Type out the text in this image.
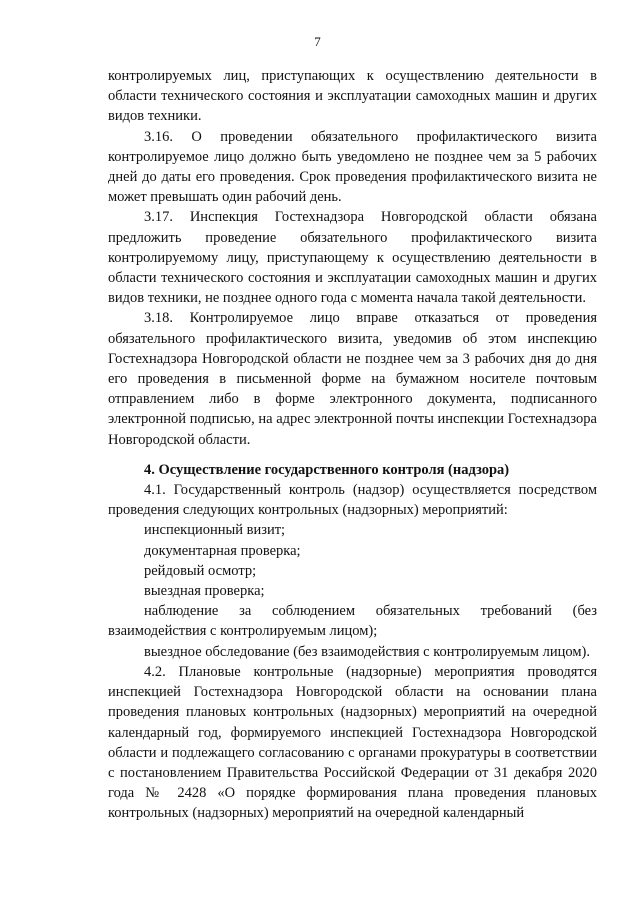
7

контролируемых лиц, приступающих к осуществлению деятельности в области технического состояния и эксплуатации самоходных машин и других видов техники.

3.16. О проведении обязательного профилактического визита контролируемое лицо должно быть уведомлено не позднее чем за 5 рабочих дней до даты его проведения. Срок проведения профилактического визита не может превышать один рабочий день.

3.17. Инспекция Гостехнадзора Новгородской области обязана предложить проведение обязательного профилактического визита контролируемому лицу, приступающему к осуществлению деятельности в области технического состояния и эксплуатации самоходных машин и других видов техники, не позднее одного года с момента начала такой деятельности.

3.18. Контролируемое лицо вправе отказаться от проведения обязательного профилактического визита, уведомив об этом инспекцию Гостехнадзора Новгородской области не позднее чем за 3 рабочих дня до дня его проведения в письменной форме на бумажном носителе почтовым отправлением либо в форме электронного документа, подписанного электронной подписью, на адрес электронной почты инспекции Гостехнадзора Новгородской области.

4. Осуществление государственного контроля (надзора)

4.1. Государственный контроль (надзор) осуществляется посредством проведения следующих контрольных (надзорных) мероприятий:

инспекционный визит;

документарная проверка;

рейдовый осмотр;

выездная проверка;

наблюдение за соблюдением обязательных требований (без взаимодействия с контролируемым лицом);

выездное обследование (без взаимодействия с контролируемым лицом).

4.2. Плановые контрольные (надзорные) мероприятия проводятся инспекцией Гостехнадзора Новгородской области на основании плана проведения плановых контрольных (надзорных) мероприятий на очередной календарный год, формируемого инспекцией Гостехнадзора Новгородской области и подлежащего согласованию с органами прокуратуры в соответствии с постановлением Правительства Российской Федерации от 31 декабря 2020 года № 2428 «О порядке формирования плана проведения плановых контрольных (надзорных) мероприятий на очередной календарный
